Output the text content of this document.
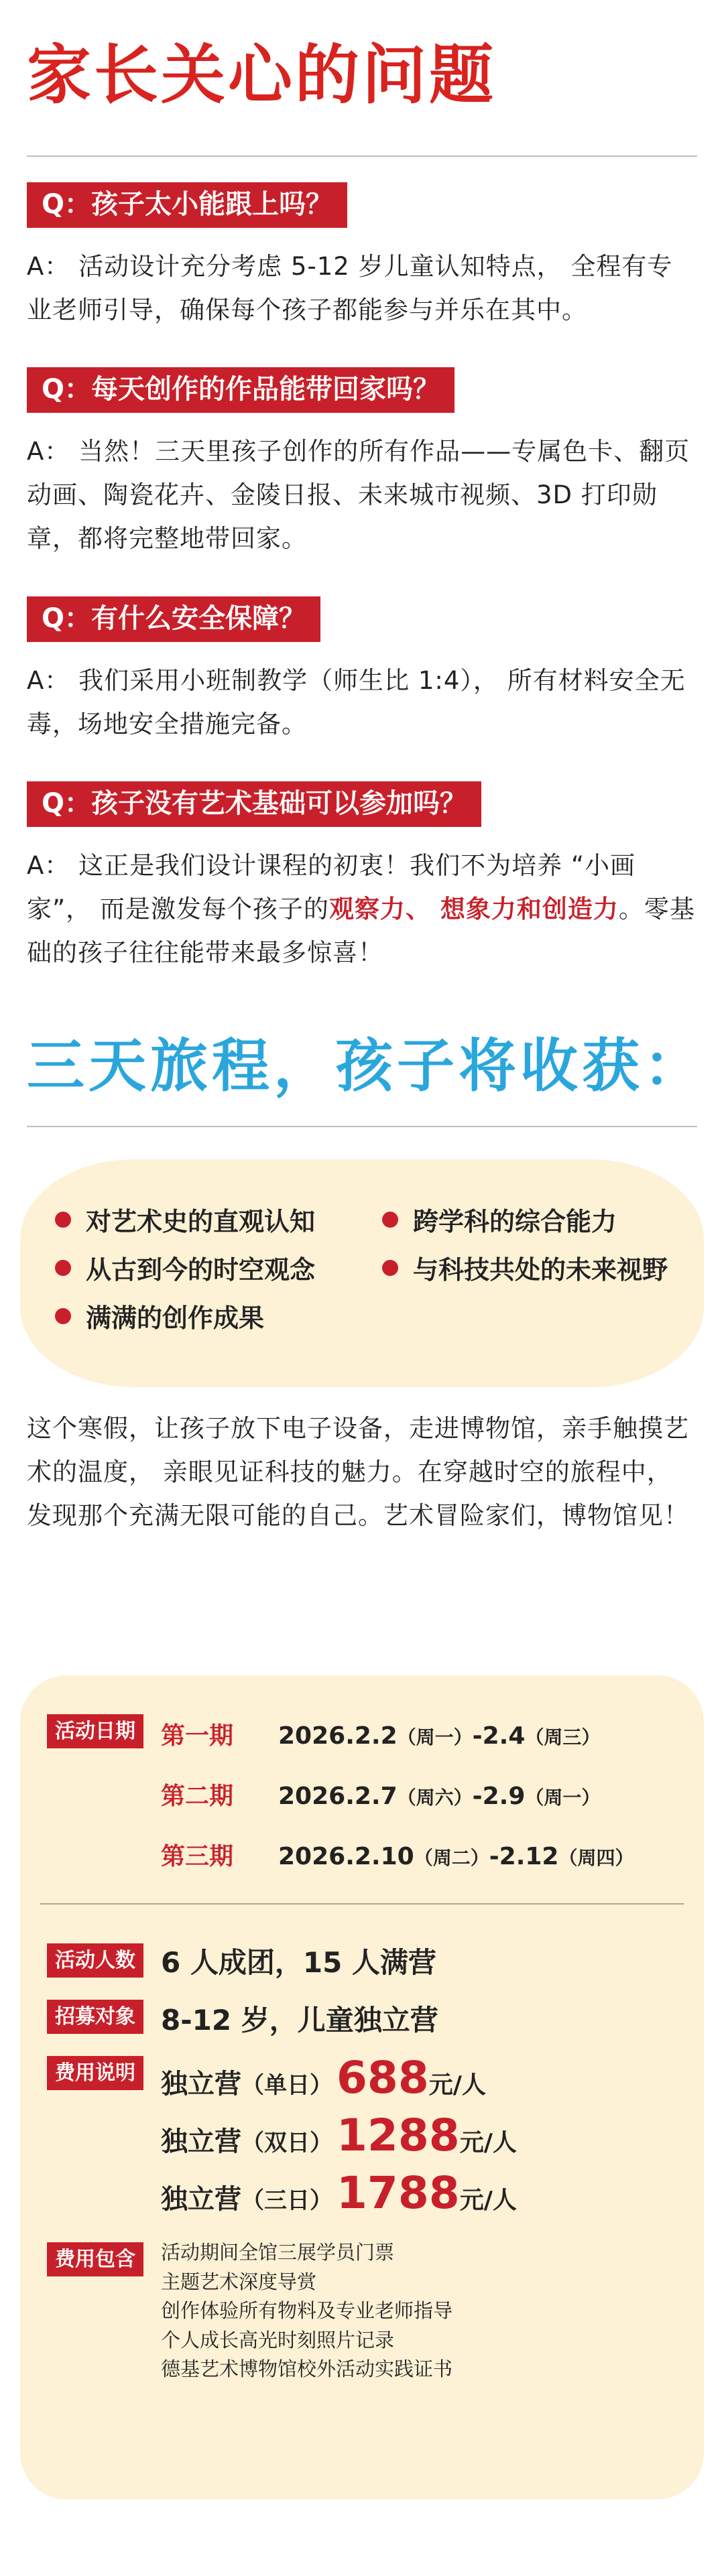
家长关心的问题
Q：孩子太小能跟上吗？
A： 活动设计充分考虑 5-12 岁儿童认知特点， 全程有专业老师引导，确保每个孩子都能参与并乐在其中。
Q：每天创作的作品能带回家吗？
A： 当然！三天里孩子创作的所有作品——专属色卡、翻页动画、陶瓷花卉、金陵日报、未来城市视频、3D 打印勋章，都将完整地带回家。
Q：有什么安全保障？
A： 我们采用小班制教学（师生比 1:4）， 所有材料安全无毒，场地安全措施完备。
Q：孩子没有艺术基础可以参加吗？
A： 这正是我们设计课程的初衷！我们不为培养 “小画家”， 而是激发每个孩子的观察力、 想象力和创造力。零基础的孩子往往能带来最多惊喜！
三天旅程，孩子将收获：
对艺术史的直观认知	跨学科的综合能力
从古到今的时空观念	与科技共处的未来视野
满满的创作成果
这个寒假，让孩子放下电子设备，走进博物馆，亲手触摸艺术的温度， 亲眼见证科技的魅力。在穿越时空的旅程中， 发现那个充满无限可能的自己。艺术冒险家们，博物馆见！
活动日期	第一期	2026.2.2（周一）-2.4（周三）
第二期	2026.2.7（周六）-2.9（周一）
第三期	2026.2.10（周二）-2.12（周四）
活动人数 6 人成团，15 人满营
招募对象 8-12 岁，儿童独立营
费用说明 独立营 （单日） 688 元/人
独立营 （双日） 1288 元/人
独立营 （三日） 1788 元/人
费用包含	活动期间全馆三展学员门票
主题艺术深度导赏
创作体验所有物料及专业老师指导
个人成长高光时刻照片记录
德基艺术博物馆校外活动实践证书
